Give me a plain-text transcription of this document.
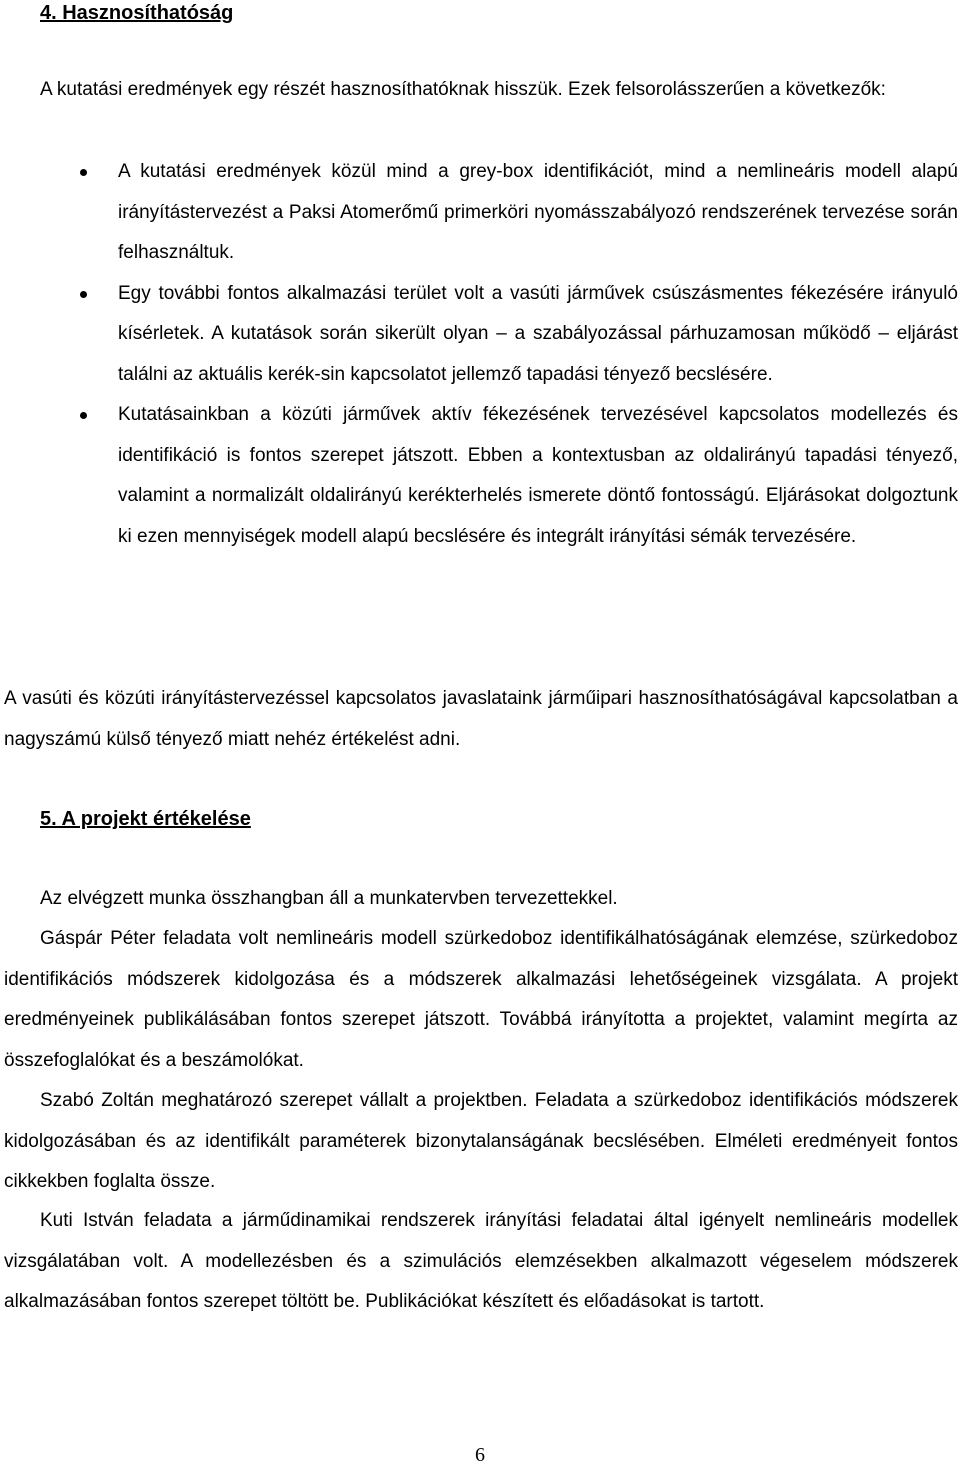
4. Hasznosíthatóság

A kutatási eredmények egy részét hasznosíthatóknak hisszük. Ezek felsorolásszerűen a következők:

A kutatási eredmények közül mind a grey-box identifikációt, mind a nemlineáris modell alapú irányítástervezést a Paksi Atomerőmű primerköri nyomásszabályozó rendszerének tervezése során felhasználtuk.
Egy további fontos alkalmazási terület volt a vasúti járművek csúszásmentes fékezésére irányuló kísérletek. A kutatások során sikerült olyan – a szabályozással párhuzamosan működő – eljárást találni az aktuális kerék-sin kapcsolatot jellemző tapadási tényező becslésére.
Kutatásainkban a közúti járművek aktív fékezésének tervezésével kapcsolatos modellezés és identifikáció is fontos szerepet játszott. Ebben a kontextusban az oldalirányú tapadási tényező, valamint a normalizált oldalirányú kerékterhelés ismerete döntő fontosságú. Eljárásokat dolgoztunk ki ezen mennyiségek modell alapú becslésére és integrált irányítási sémák tervezésére.

A vasúti és közúti irányítástervezéssel kapcsolatos javaslataink járműipari hasznosíthatóságával kapcsolatban a nagyszámú külső tényező miatt nehéz értékelést adni.

5. A projekt értékelése

Az elvégzett munka összhangban áll a munkatervben tervezettekkel.

Gáspár Péter feladata volt nemlineáris modell szürkedoboz identifikálhatóságának elemzése, szürkedoboz identifikációs módszerek kidolgozása és a módszerek alkalmazási lehetőségeinek vizsgálata. A projekt eredményeinek publikálásában fontos szerepet játszott. Továbbá irányította a projektet, valamint megírta az összefoglalókat és a beszámolókat.

Szabó Zoltán meghatározó szerepet vállalt a projektben. Feladata a szürkedoboz identifikációs módszerek kidolgozásában és az identifikált paraméterek bizonytalanságának becslésében. Elméleti eredményeit fontos cikkekben foglalta össze.

Kuti István feladata a járműdinamikai rendszerek irányítási feladatai által igényelt nemlineáris modellek vizsgálatában volt. A modellezésben és a szimulációs elemzésekben alkalmazott végeselem módszerek alkalmazásában fontos szerepet töltött be. Publikációkat készített és előadásokat is tartott.

6
